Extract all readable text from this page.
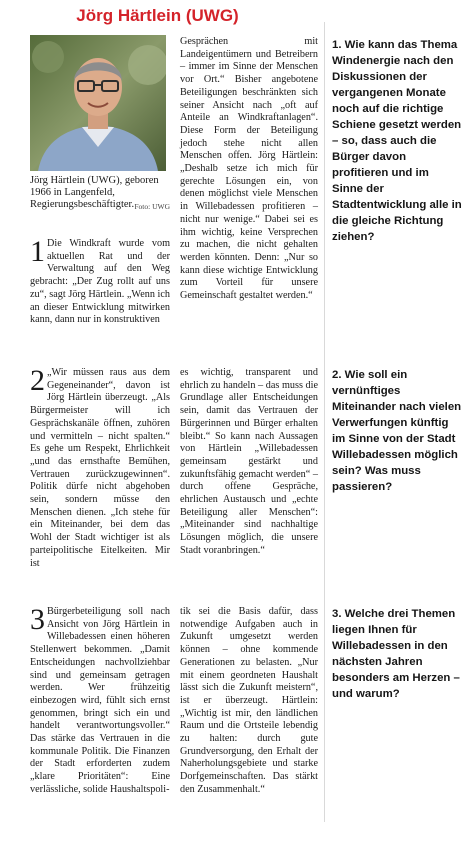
Jörg Härtlein (UWG)

Jörg Härtlein (UWG), geboren 1966 in Langenfeld, Regierungsbeschäftigter. Foto: UWG

1 Die Windkraft wurde vom aktuellen Rat und der Verwaltung auf den Weg gebracht: „Der Zug rollt auf uns zu“, sagt Jörg Härtlein. „Wenn ich an dieser Entwicklung mitwirken kann, dann nur in konstruktiven

Gesprächen mit Landeigentümern und Betreibern – immer im Sinne der Menschen vor Ort.“ Bisher angebotene Beteiligungen beschränkten sich seiner Ansicht nach „oft auf Anteile an Windkraftanlagen“. Diese Form der Beteiligung jedoch stehe nicht allen Menschen offen. Jörg Härtlein: „Deshalb setze ich mich für gerechte Lösungen ein, von denen möglichst viele Menschen in Willebadessen profitieren – nicht nur wenige.“ Dabei sei es ihm wichtig, keine Versprechen zu machen, die nicht gehalten werden könnten. Denn: „Nur so kann diese wichtige Entwicklung zum Vorteil für unsere Gemeinschaft gestaltet werden.“

1. Wie kann das Thema Windenergie nach den Diskussionen der vergangenen Monate noch auf die richtige Schiene gesetzt werden – so, dass auch die Bürger davon profitieren und im Sinne der Stadtentwicklung alle in die gleiche Richtung ziehen?

2 „Wir müssen raus aus dem Gegeneinander“, davon ist Jörg Härtlein überzeugt. „Als Bürgermeister will ich Gesprächskanäle öffnen, zuhören und vermitteln – nicht spalten.“ Es gehe um Respekt, Ehrlichkeit „und das ernsthafte Bemühen, Vertrauen zurückzugewinnen“. Politik dürfe nicht abgehoben sein, sondern müsse den Menschen dienen. „Ich stehe für ein Miteinander, bei dem das Wohl der Stadt wichtiger ist als parteipolitische Eitelkeiten. Mir ist

es wichtig, transparent und ehrlich zu handeln – das muss die Grundlage aller Entscheidungen sein, damit das Vertrauen der Bürgerinnen und Bürger erhalten bleibt.“ So kann nach Aussagen von Härtlein „Willebadessen gemeinsam gestärkt und zukunftsfähig gemacht werden“ – durch offene Gespräche, ehrlichen Austausch und „echte Beteiligung aller Menschen“: „Miteinander sind nachhaltige Lösungen möglich, die unsere Stadt voranbringen.“

2. Wie soll ein vernünftiges Miteinander nach vielen Verwerfungen künftig im Sinne von der Stadt Willebadessen möglich sein? Was muss passieren?

3 Bürgerbeteiligung soll nach Ansicht von Jörg Härtlein in Willebadessen einen höheren Stellenwert bekommen. „Damit Entscheidungen nachvollziehbar sind und gemeinsam getragen werden. Wer frühzeitig einbezogen wird, fühlt sich ernst genommen, bringt sich ein und handelt verantwortungsvoller.“ Das stärke das Vertrauen in die kommunale Politik. Die Finanzen der Stadt erforderten zudem „klare Prioritäten“: Eine verlässliche, solide Haushaltspoli-

tik sei die Basis dafür, dass notwendige Aufgaben auch in Zukunft umgesetzt werden können – ohne kommende Generationen zu belasten. „Nur mit einem geordneten Haushalt lässt sich die Zukunft meistern“, ist er überzeugt. Härtlein: „Wichtig ist mir, den ländlichen Raum und die Ortsteile lebendig zu halten: durch gute Grundversorgung, den Erhalt der Naherholungsgebiete und starke Dorfgemeinschaften. Das stärkt den Zusammenhalt.“

3. Welche drei Themen liegen Ihnen für Willebadessen in den nächsten Jahren besonders am Herzen – und warum?
